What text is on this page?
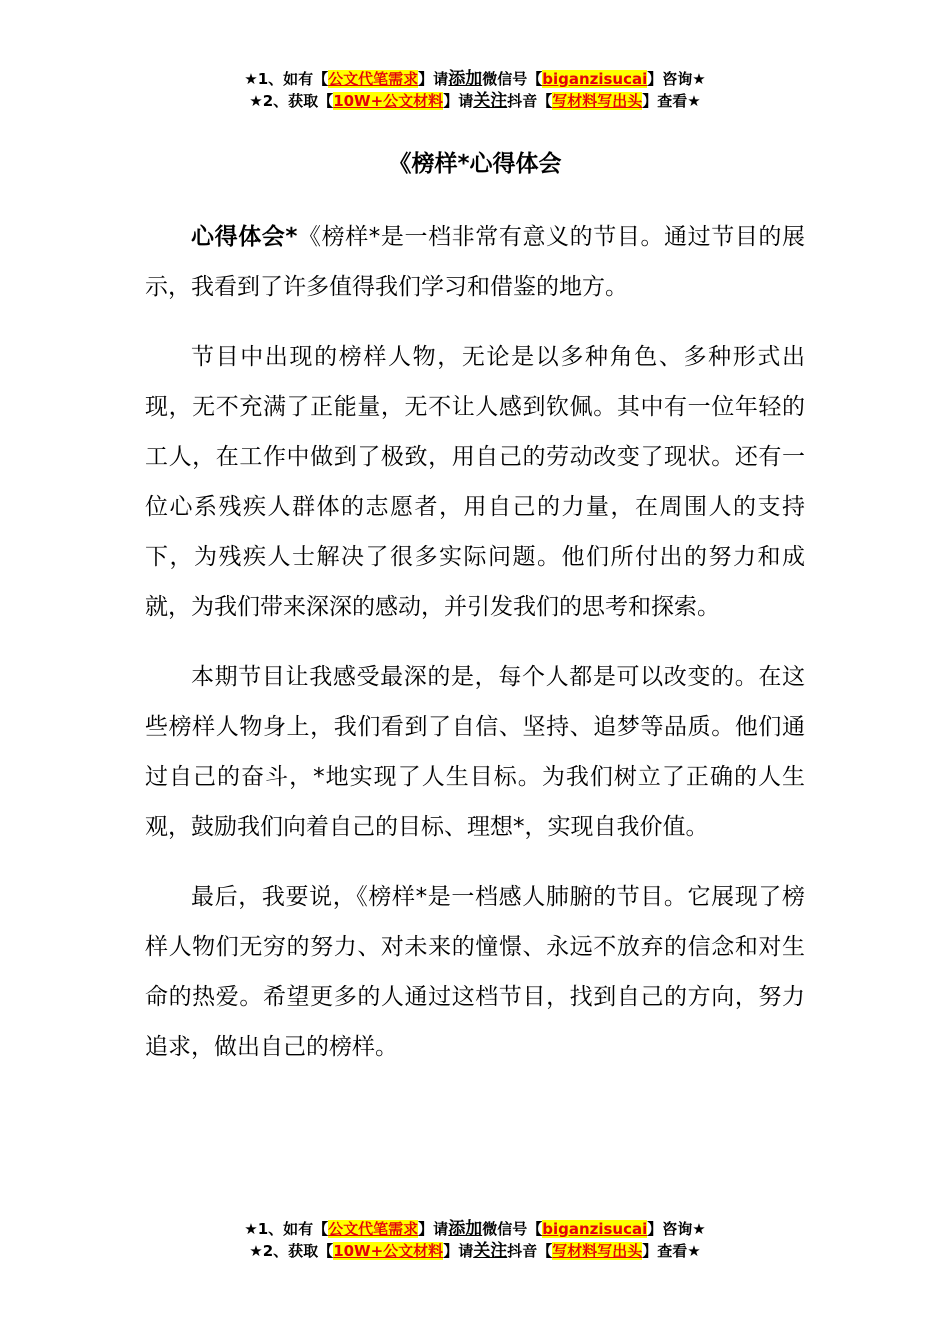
★1、如有【公文代笔需求】请添加微信号【biganzisucai】咨询★
★2、获取【10W+公文材料】请关注抖音【写材料写出头】查看★
《榜样*心得体会

心得体会*《榜样*是一档非常有意义的节目。通过节目的展示，我看到了许多值得我们学习和借鉴的地方。

节目中出现的榜样人物，无论是以多种角色、多种形式出现，无不充满了正能量，无不让人感到钦佩。其中有一位年轻的工人，在工作中做到了极致，用自己的劳动改变了现状。还有一位心系残疾人群体的志愿者，用自己的力量，在周围人的支持下，为残疾人士解决了很多实际问题。他们所付出的努力和成就，为我们带来深深的感动，并引发我们的思考和探索。

本期节目让我感受最深的是，每个人都是可以改变的。在这些榜样人物身上，我们看到了自信、坚持、追梦等品质。他们通过自己的奋斗，*地实现了人生目标。为我们树立了正确的人生观，鼓励我们向着自己的目标、理想*，实现自我价值。

最后，我要说，《榜样*是一档感人肺腑的节目。它展现了榜样人物们无穷的努力、对未来的憧憬、永远不放弃的信念和对生命的热爱。希望更多的人通过这档节目，找到自己的方向，努力追求，做出自己的榜样。

★1、如有【公文代笔需求】请添加微信号【biganzisucai】咨询★
★2、获取【10W+公文材料】请关注抖音【写材料写出头】查看★
